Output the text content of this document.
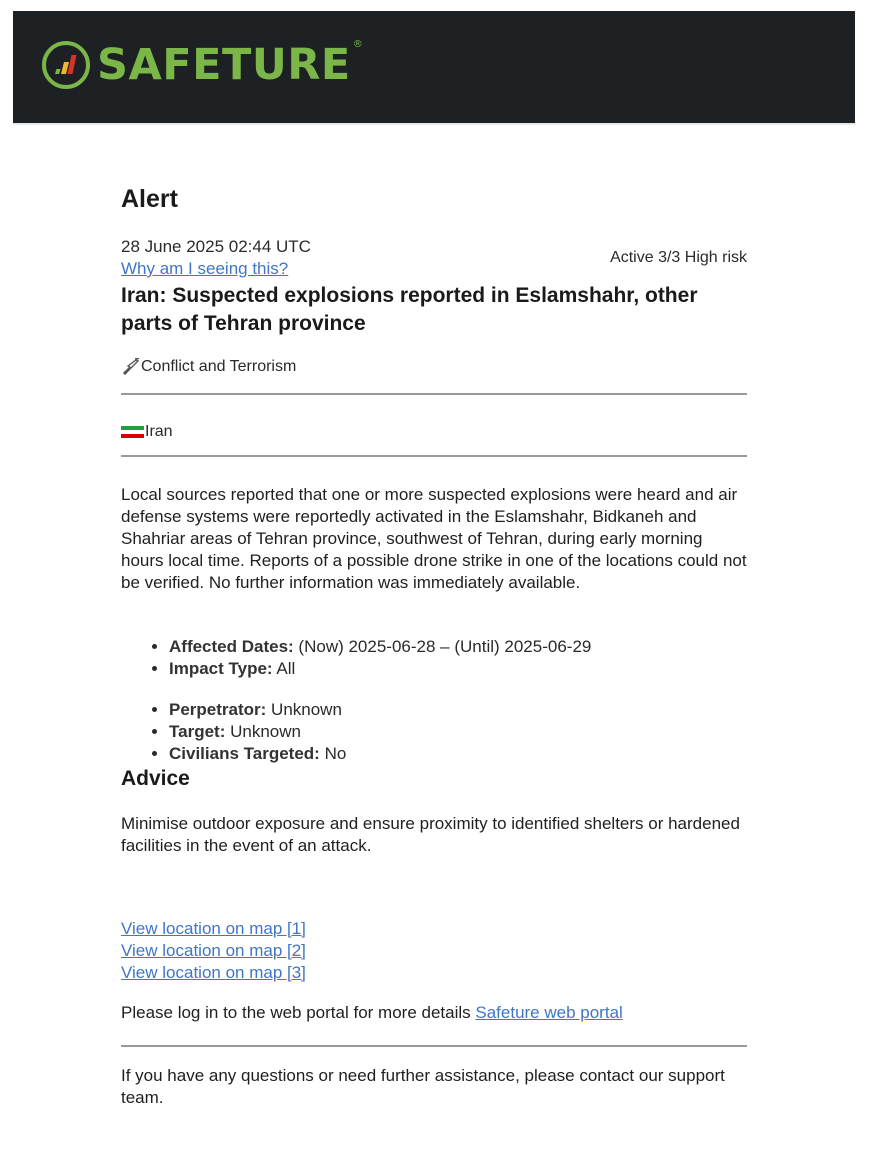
SAFETURE ®
Alert
28 June 2025 02:44 UTC
Why am I seeing this?
Active 3/3 High risk
Iran: Suspected explosions reported in Eslamshahr, other parts of Tehran province
Conflict and Terrorism
Iran
Local sources reported that one or more suspected explosions were heard and air defense systems were reportedly activated in the Eslamshahr, Bidkaneh and Shahriar areas of Tehran province, southwest of Tehran, during early morning hours local time. Reports of a possible drone strike in one of the locations could not be verified. No further information was immediately available.
• Affected Dates: (Now) 2025-06-28 – (Until) 2025-06-29
• Impact Type: All
• Perpetrator: Unknown
• Target: Unknown
• Civilians Targeted: No
Advice
Minimise outdoor exposure and ensure proximity to identified shelters or hardened facilities in the event of an attack.
View location on map [1]
View location on map [2]
View location on map [3]
Please log in to the web portal for more details Safeture web portal
If you have any questions or need further assistance, please contact our support team.
